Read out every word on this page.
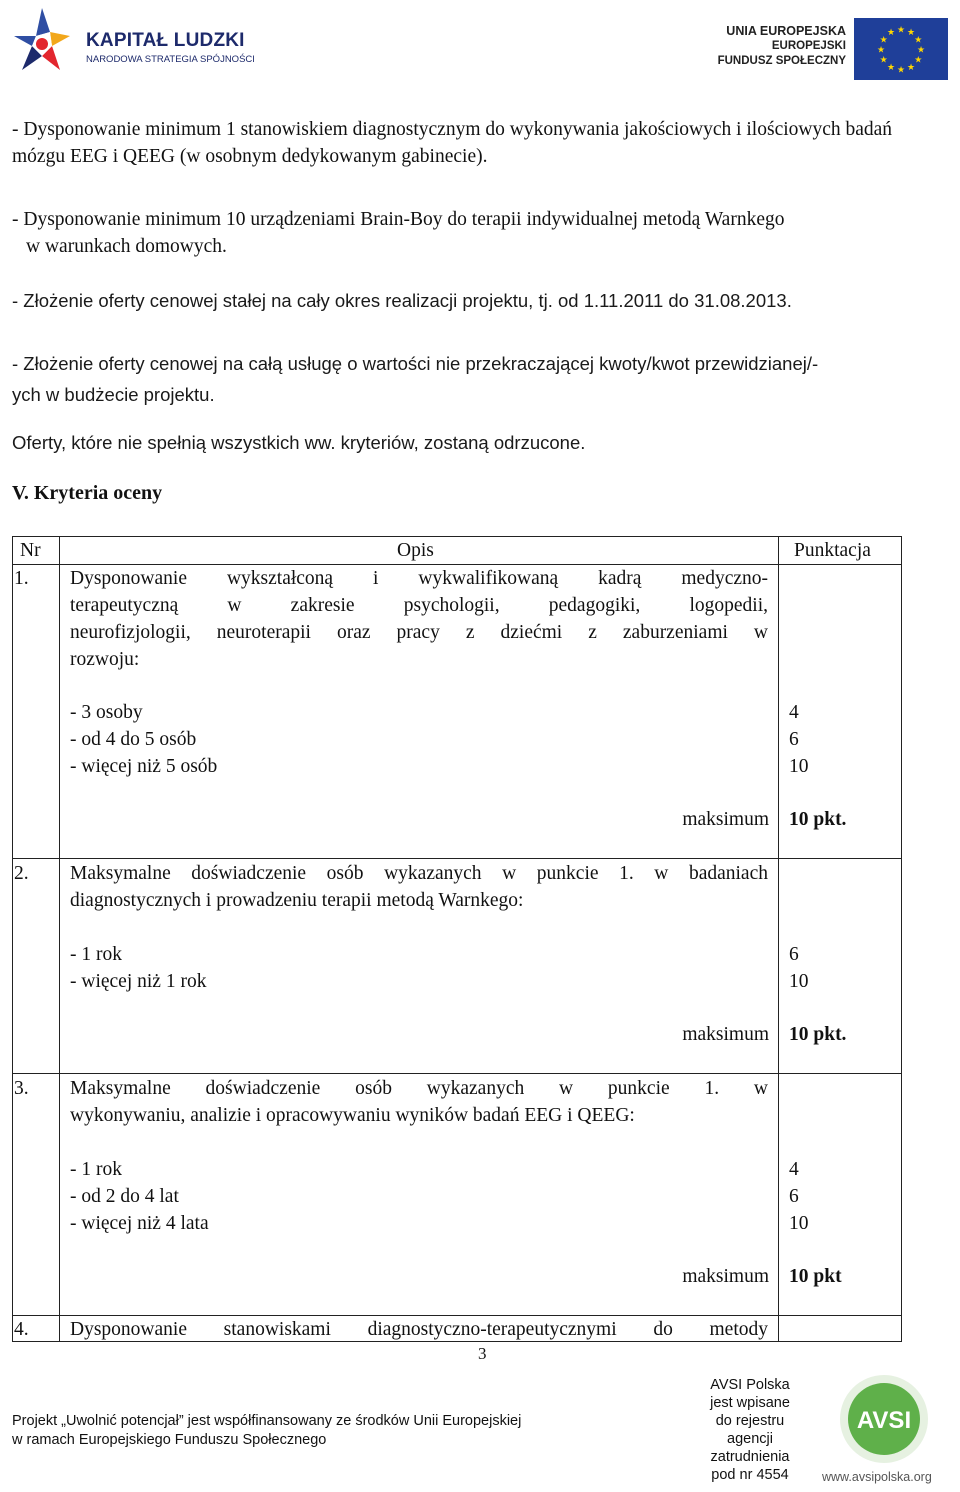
KAPITAŁ LUDZKI
NARODOWA STRATEGIA SPÓJNOŚCI
UNIA EUROPEJSKA
EUROPEJSKI
FUNDUSZ SPOŁECZNY
★ ★
★
★
★
★
★
★
★
★
★
★
- Dysponowanie minimum 1 stanowiskiem diagnostycznym do wykonywania jakościowych i ilościowych badań mózgu EEG i QEEG (w osobnym dedykowanym gabinecie).
- Dysponowanie minimum 10 urządzeniami Brain-Boy do terapii indywidualnej metodą Warnkego
w warunkach domowych.
- Złożenie oferty cenowej stałej na cały okres realizacji projektu, tj. od 1.11.2011 do 31.08.2013.
- Złożenie oferty cenowej na całą usługę o wartości nie przekraczającej kwoty/kwot przewidzianej/-
ych w budżecie projektu.
Oferty, które nie spełnią wszystkich ww. kryteriów, zostaną odrzucone.
V. Kryteria oceny
Nr	Opis	Punktacja
1. Dysponowanie wykształconą i wykwalifikowaną kadrą medyczno-
terapeutyczną w zakresie psychologii, pedagogiki, logopedii,
neurofizjologii, neuroterapii oraz pracy z dziećmi z zaburzeniami w
rozwoju:
- 3 osoby
- od 4 do 5 osób
- więcej niż 5 osób
4
6
10
maksimum 10 pkt.
2. Maksymalne doświadczenie osób wykazanych w punkcie 1. w badaniach
diagnostycznych i prowadzeniu terapii metodą Warnkego:
- 1 rok
- więcej niż 1 rok
6
10
maksimum 10 pkt.
3. Maksymalne doświadczenie osób wykazanych w punkcie 1. w
wykonywaniu, analizie i opracowywaniu wyników badań EEG i QEEG:
- 1 rok
- od 2 do 4 lat
- więcej niż 4 lata
4
6
10
maksimum 10 pkt
4. Dysponowanie stanowiskami diagnostyczno-terapeutycznymi do metody
3
Projekt „Uwolnić potencjał” jest współfinansowany ze środków Unii Europejskiej
w ramach Europejskiego Funduszu Społecznego
AVSI Polska
jest wpisane
do rejestru
agencji
zatrudnienia
pod nr 4554
AVSI
www.avsipolska.org
